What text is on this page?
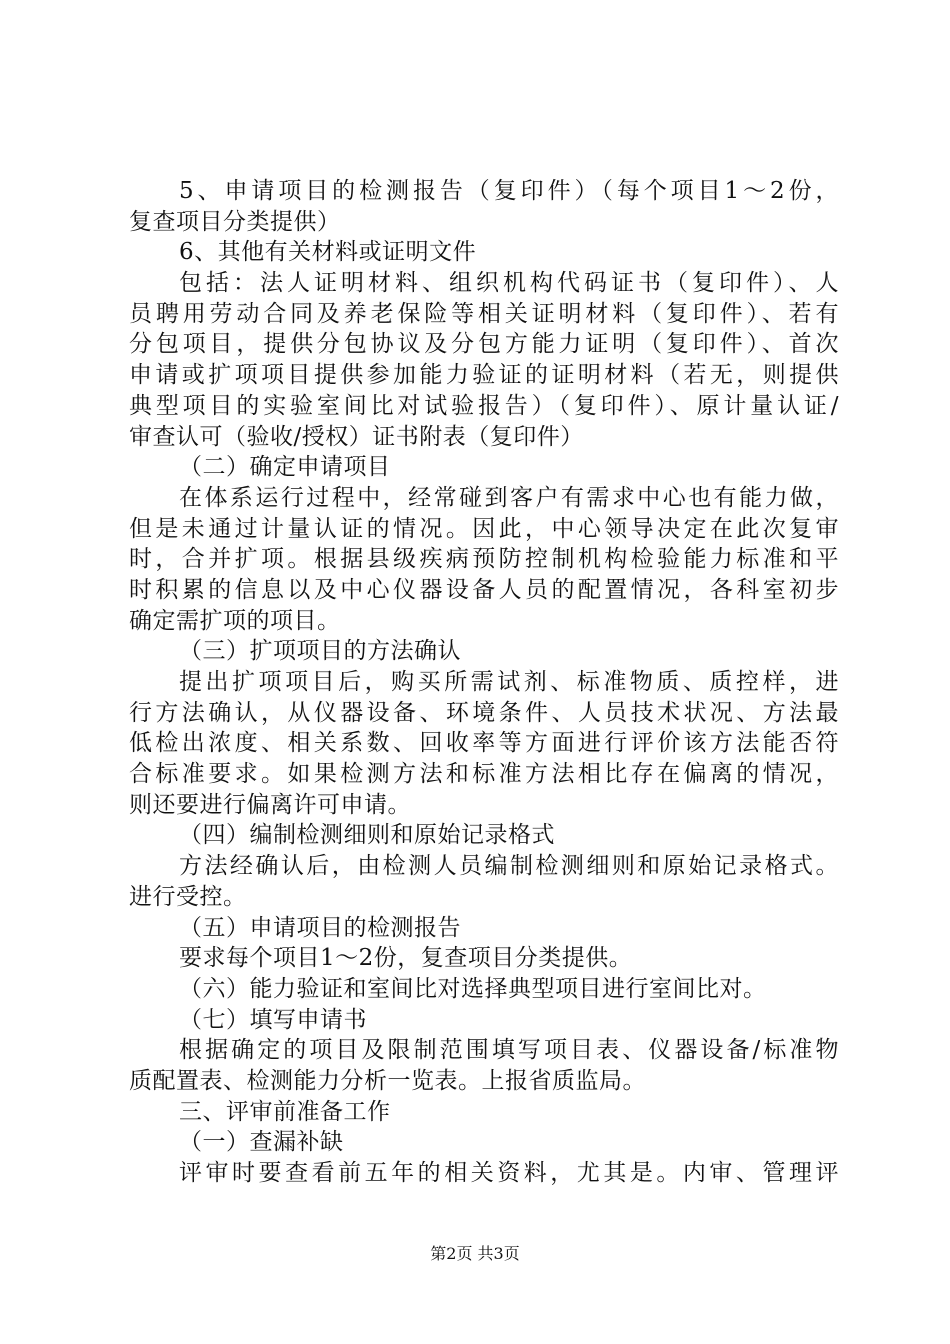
5、申请项目的检测报告（复印件）（每个项目1～2份，
复查项目分类提供）
6、其他有关材料或证明文件
包括：法人证明材料、组织机构代码证书（复印件）、人
员聘用劳动合同及养老保险等相关证明材料（复印件）、若有
分包项目，提供分包协议及分包方能力证明（复印件）、首次
申请或扩项项目提供参加能力验证的证明材料（若无，则提供
典型项目的实验室间比对试验报告）（复印件）、原计量认证/
审查认可（验收/授权）证书附表（复印件）
（二）确定申请项目
在体系运行过程中，经常碰到客户有需求中心也有能力做，
但是未通过计量认证的情况。因此，中心领导决定在此次复审
时，合并扩项。根据县级疾病预防控制机构检验能力标准和平
时积累的信息以及中心仪器设备人员的配置情况，各科室初步
确定需扩项的项目。
（三）扩项项目的方法确认
提出扩项项目后，购买所需试剂、标准物质、质控样，进
行方法确认，从仪器设备、环境条件、人员技术状况、方法最
低检出浓度、相关系数、回收率等方面进行评价该方法能否符
合标准要求。如果检测方法和标准方法相比存在偏离的情况，
则还要进行偏离许可申请。
（四）编制检测细则和原始记录格式
方法经确认后，由检测人员编制检测细则和原始记录格式。
进行受控。
（五）申请项目的检测报告
要求每个项目1～2份，复查项目分类提供。
（六）能力验证和室间比对选择典型项目进行室间比对。
（七）填写申请书
根据确定的项目及限制范围填写项目表、仪器设备/标准物
质配置表、检测能力分析一览表。上报省质监局。
三、评审前准备工作
（一）查漏补缺
评审时要查看前五年的相关资料，尤其是。内审、管理评
第2页 共3页
